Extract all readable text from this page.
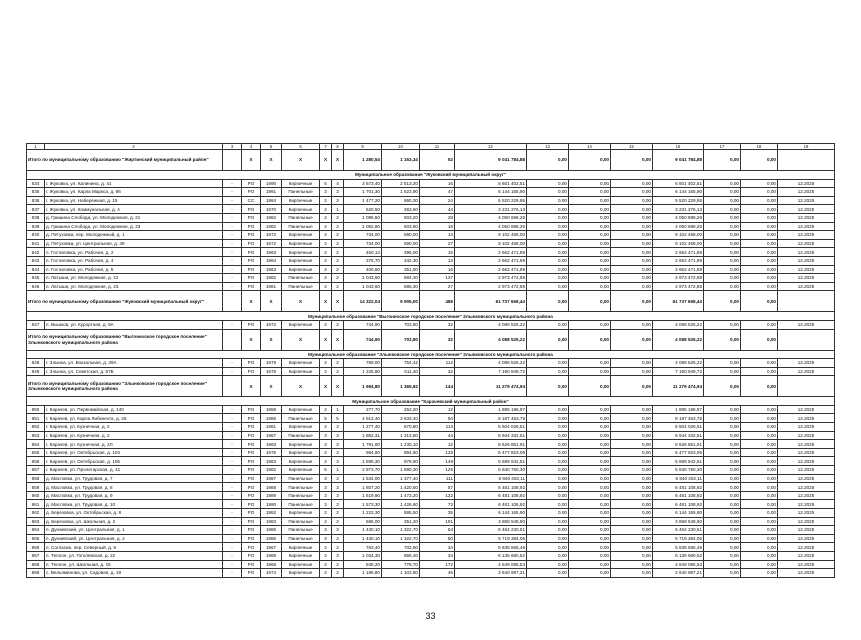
1	2	3	4	5	6	7	8	9	10	11	12	13	14	15	16	17	18	19
Итого по муниципальному образованию "Жиртинский муниципальный район"			X	X	X	X	X	1 280,54	1 163,34	52	9 041 784,88	0,00	0,00	0,00	9 041 784,88	0,00	0,00	
Муниципальное образование "Жуковский муниципальный округ"																		
834	г. Жуковка, ул. Калинина, д. 41	-	PO	1990	Кирпичные	5	4	3 673,40	2 513,20	16	6 601 402,51	0,00	0,00	0,00	6 601 402,51	0,00	0,00	12.2025
835	г. Жуковка, ул. Карла Маркса, д. 86	-	PO	1991	Панельные	3	3	1 701,30	1 523,90	47	6 144 165,90	0,00	0,00	0,00	6 144 165,90	0,00	0,00	12.2025
836	г. Жуковка, ул. Набережная, д. 15	-	CC	1984	Кирпичные	2	3	1 477,20	860,30	24	5 520 229,95	0,00	0,00	0,00	5 520 229,95	0,00	0,00	12.2025
837	г. Жуковка, ул. Коммунальная, д. 4	-	PO	1970	Кирпичные	2	1	520,50	363,60	44	3 231 376,13	0,00	0,00	0,00	3 231 376,13	0,00	0,00	12.2025
838	д. Гришина Слобода, ул. Молодежная, д. 21	-	PO	1982	Панельные	2	2	1 095,50	603,20	28	4 050 698,26	0,00	0,00	0,00	4 050 698,26	0,00	0,00	12.2025
839	д. Гришина Слобода, ул. Молодежная, д. 23	-	PO	1982	Панельные	2	2	1 092,80	603,90	18	4 050 698,26	0,00	0,00	0,00	4 050 698,26	0,00	0,00	12.2025
840	д. Петуховка, пер. Молодежный, д. 1	-	PO	1972	Кирпичные	2	2	734,00	590,00	13	9 102 468,00	0,00	0,00	0,00	9 102 468,00	0,00	0,00	12.2025
841	д. Петуховка, ул. Центральная, д. 49	-	PO	1972	Кирпичные	2	2	734,00	590,00	27	9 102 468,00	0,00	0,00	0,00	9 102 468,00	0,00	0,00	12.2025
842	п. Гостиловка, ул. Рабочая, д. 2	-	PO	1963	Кирпичные	2	2	450,14	396,00	15	2 662 471,89	0,00	0,00	0,00	2 662 471,89	0,00	0,00	12.2025
843	п. Гостиловка, ул. Рабочая, д. 4	-	PO	1964	Кирпичные	2	2	376,70	342,30	13	2 662 471,89	0,00	0,00	0,00	2 662 471,89	0,00	0,00	12.2025
844	п. Гостиловка, ул. Рабочая, д. 5	-	PO	1963	Кирпичные	2	2	400,60	351,00	16	2 662 471,89	0,00	0,00	0,00	2 662 471,89	0,00	0,00	12.2025
845	п. Латыши, ул. Молодежная, д. 22	-	PO	1982	Панельные	2	2	1 043,60	584,30	137	2 973 472,88	0,00	0,00	0,00	2 973 472,88	0,00	0,00	12.2025
846	п. Латыши, ул. Молодежная, д. 23	-	PO	1981	Панельные	2	2	1 043,60	585,30	27	2 973 472,88	0,00	0,00	0,00	2 973 472,88	0,00	0,00	12.2025
Итого по муниципальному образованию "Жуковский муниципальный округ"			X	X	X	X	X	14 322,04	9 905,00	486	61 737 668,44	0,00	0,00	0,00	61 737 668,44	0,00	0,00	
Муниципальное образование "Выгоничское городское поселение" Злынковского муниципального района																		
847	п. Вышков, ул. Курортная, д. 9А	-	PO	1972	Кирпичные	2	2	744,90	703,80	32	4 088 525,22	0,00	0,00	0,00	4 088 525,22	0,00	0,00	12.2025
Итого по муниципальному образованию "Выгоничское городское поселение" Злынковского муниципального района			X	X	X	X	X	744,90	703,80	32	4 088 525,22	0,00	0,00	0,00	4 088 525,22	0,00	0,00	
Муниципальное образование "Злынковское городское поселение" Злынковского муниципального района																		
848	г. Злынка, ул. Вокзальная, д. 39А	-	PO	1978	Кирпичные	2	2	769,00	754,42	112	4 088 525,22	0,00	0,00	0,00	4 088 525,22	0,00	0,00	12.2025
849	г. Злынка, ул. Советская, д. 57Б	-	PO	1978	Кирпичные	2	2	1 225,80	611,40	32	7 190 949,72	0,00	0,00	0,00	7 190 949,72	0,00	0,00	12.2025
Итого по муниципальному образованию "Злынковское городское поселение" Злынковского муниципального района			X	X	X	X	X	1 994,80	1 365,82	144	11 279 474,94	0,00	0,00	0,00	11 279 474,94	0,00	0,00	
Муниципальное образование "Карачевский муниципальный район"																		
850	г. Карачев, ул. Первомайская, д. 140	-	PO	1958	Кирпичные	2	1	277,70	252,20	12	1 885 196,97	0,00	0,00	0,00	1 885 196,97	0,00	0,00	12.2025
851	г. Карачев, ул. Карла Либкнехта, д. 25	-	PO	1986	Панельные	5	5	4 913,40	3 633,40	94	8 187 453,75	0,00	0,00	0,00	8 187 453,75	0,00	0,00	12.2025
852	г. Карачев, ул. Кузнечная, д. 2	-	PO	1981	Кирпичные	2	3	1 277,40	870,80	113	5 504 026,51	0,00	0,00	0,00	5 504 026,51	0,00	0,00	12.2025
853	г. Карачев, ул. Кузнечная, д. 2	-	PO	1987	Панельные	3	3	1 852,31	1 313,80	44	6 944 332,51	0,00	0,00	0,00	6 944 332,51	0,00	0,00	12.2025
854	г. Карачев, ул. Кузнечная, д. 2Л	-	PO	1993	Кирпичные	3	3	1 791,90	1 230,10	12	8 626 851,91	0,00	0,00	0,00	8 626 851,91	0,00	0,00	12.2025
855	г. Карачев, ул. Октябрьская, д. 104	-	PO	1975	Кирпичные	2	3	984,60	894,60	128	6 477 923,06	0,00	0,00	0,00	6 477 923,06	0,00	0,00	12.2025
856	г. Карачев, ул. Октябрьская, д. 106	-	PO	1983	Кирпичные	2	3	1 595,30	978,80	149	5 689 942,51	0,00	0,00	0,00	5 689 942,51	0,00	0,00	12.2025
857	г. Карачев, ул. Пролетарская, д. 41	-	PO	1982	Кирпичные	5	1	2 973,70	1 890,30	125	5 840 750,30	0,00	0,00	0,00	5 840 750,30	0,00	0,00	12.2025
858	д. Масловка, ул. Трудовая, д. 7	-	PO	1987	Панельные	3	3	1 534,00	1 377,40	111	6 840 402,11	0,00	0,00	0,00	6 840 402,11	0,00	0,00	12.2025
859	д. Масловка, ул. Трудовая, д. 8	-	PO	1988	Панельные	3	3	1 607,20	1 420,50	57	6 481 108,92	0,00	0,00	0,00	6 481 108,92	0,00	0,00	12.2025
860	д. Масловка, ул. Трудовая, д. 9	-	PO	1989	Панельные	3	3	1 619,90	1 473,20	132	6 481 108,92	0,00	0,00	0,00	6 481 108,92	0,00	0,00	12.2025
861	д. Масловка, ул. Трудовая, д. 10	-	PO	1990	Панельные	3	3	1 573,30	1 426,60	73	6 481 108,92	0,00	0,00	0,00	6 481 108,92	0,00	0,00	12.2025
862	д. Березовка, ул. Октябрьская, д. 8	-	PO	1982	Кирпичные	2	2	1 222,30	885,50	35	6 144 165,90	0,00	0,00	0,00	6 144 165,90	0,00	0,00	12.2025
863	д. Березовка, ул. Школьная, д. 2	-	PO	1983	Панельные	2	2	586,00	351,20	191	3 868 548,90	0,00	0,00	0,00	3 868 548,90	0,00	0,00	12.2025
864	п. Дунаевский, ул. Центральная, д. 1	-	PO	1986	Панельные	3	3	1 430,10	1 322,70	64	6 464 230,51	0,00	0,00	0,00	6 464 230,51	0,00	0,00	12.2025
865	п. Дунаевский, ул. Центральная, д. 2	-	PO	1985	Панельные	3	3	1 430,10	1 322,70	50	5 719 384,06	0,00	0,00	0,00	5 719 384,06	0,00	0,00	12.2025
866	п. Согласие, пер. Северный, д. 9	-	PO	1967	Кирпичные	2	2	763,40	702,90	34	5 635 565,49	0,00	0,00	0,00	5 635 565,49	0,00	0,00	12.2025
867	п. Теплое, ул. Гоголевская, д. 22	-	PO	1989	Кирпичные	2	3	1 034,30	866,40	34	6 136 680,52	0,00	0,00	0,00	6 136 680,52	0,00	0,00	12.2025
868	п. Теплое, ул. Школьная, д. 15	-	PO	1968	Кирпичные	2	2	848,20	778,70	172	4 649 095,53	0,00	0,00	0,00	4 649 095,53	0,00	0,00	12.2025
869	с. Вельяминова, ул. Садовая, д. 19	-	PO	1974	Кирпичные	2	2	1 186,80	1 102,80	45	3 640 987,21	0,00	0,00	0,00	3 640 987,21	0,00	0,00	12.2025
33
